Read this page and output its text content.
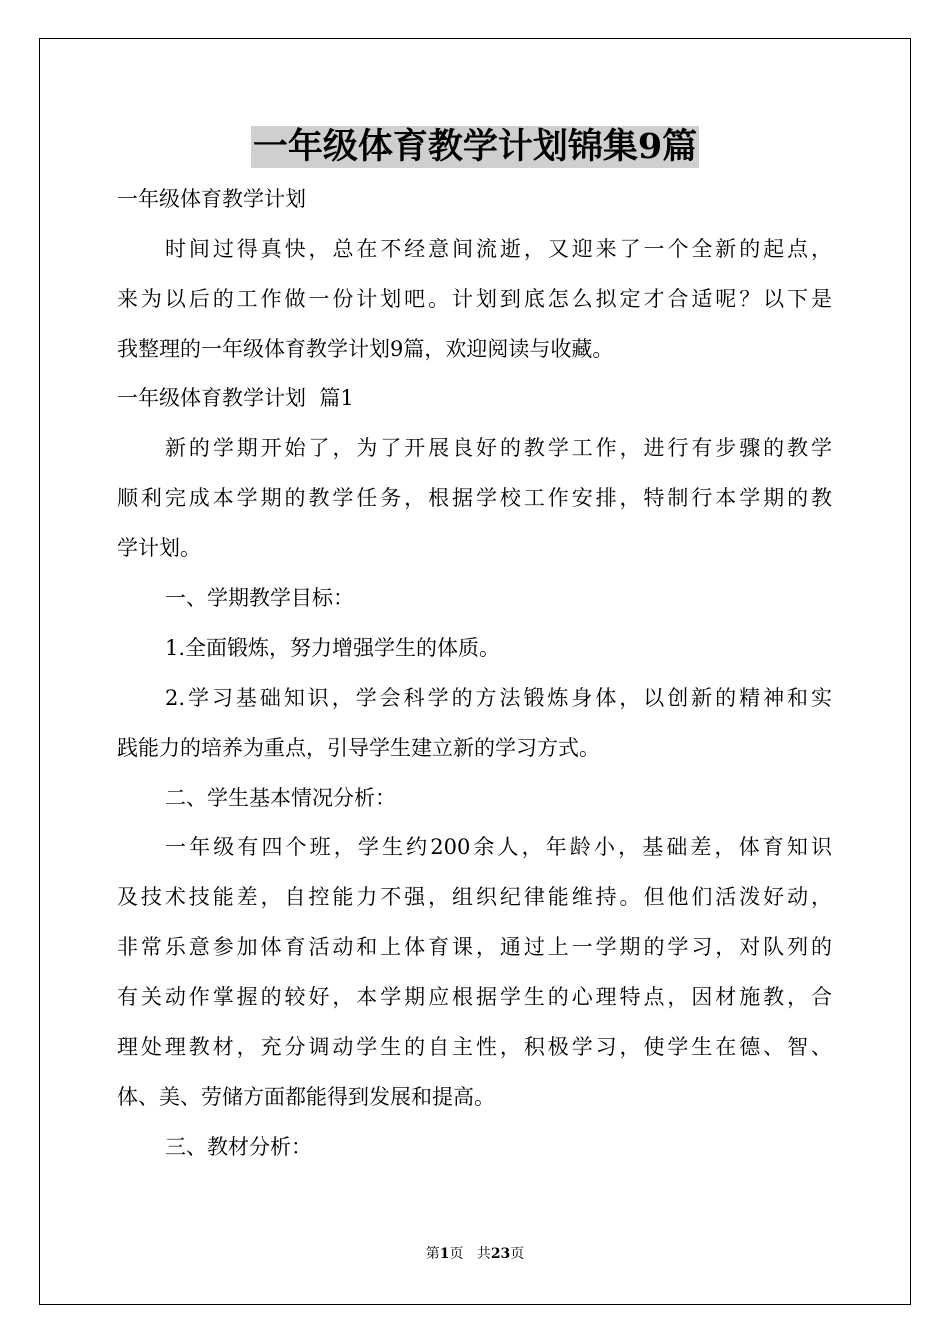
一年级体育教学计划锦集9篇
一年级体育教学计划
时间过得真快，总在不经意间流逝，又迎来了一个全新的起点，
来为以后的工作做一份计划吧。计划到底怎么拟定才合适呢？以下是
我整理的一年级体育教学计划9篇，欢迎阅读与收藏。
一年级体育教学计划  篇1
新的学期开始了，为了开展良好的教学工作，进行有步骤的教学
顺利完成本学期的教学任务，根据学校工作安排，特制行本学期的教
学计划。
一、学期教学目标：
1.全面锻炼，努力增强学生的体质。
2.学习基础知识，学会科学的方法锻炼身体，以创新的精神和实
践能力的培养为重点，引导学生建立新的学习方式。
二、学生基本情况分析：
一年级有四个班，学生约200余人，年龄小，基础差，体育知识
及技术技能差，自控能力不强，组织纪律能维持。但他们活泼好动，
非常乐意参加体育活动和上体育课，通过上一学期的学习，对队列的
有关动作掌握的较好，本学期应根据学生的心理特点，因材施教，合
理处理教材，充分调动学生的自主性，积极学习，使学生在德、智、
体、美、劳储方面都能得到发展和提高。
三、教材分析：
第1页   共23页
